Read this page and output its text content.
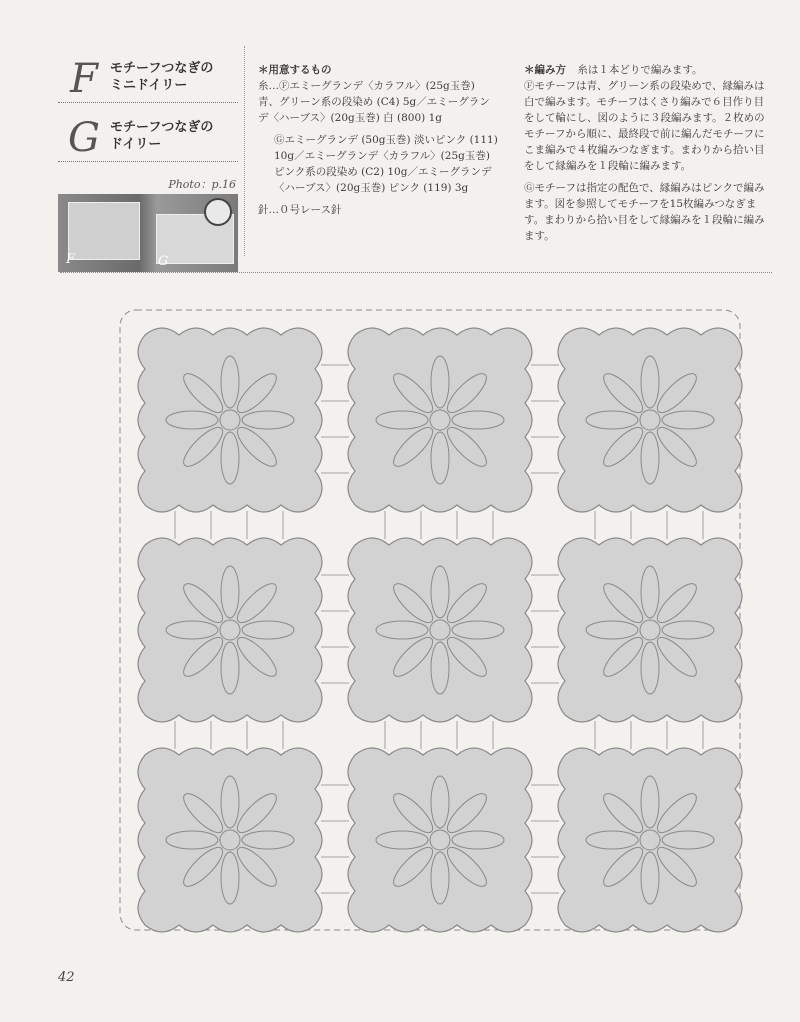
F モチーフつなぎの
ミニドイリー
G モチーフつなぎの
ドイリー
Photo：p.16
F	G
＊用意するもの
糸…Ⓕエミーグランデ〈カラフル〉(25g玉巻) 青、グリーン系の段染め (C4) 5g／エミーグランデ〈ハーブス〉(20g玉巻) 白 (800) 1g
Ⓖエミーグランデ (50g玉巻) 淡いピンク (111) 10g／エミーグランデ〈カラフル〉(25g玉巻) ピンク系の段染め (C2) 10g／エミーグランデ〈ハーブス〉(20g玉巻) ピンク (119) 3g
針…０号レース針
＊編み方 糸は１本どりで編みます。
Ⓕモチーフは青、グリーン系の段染めで、縁編みは白で編みます。モチーフはくさり編みで６目作り目をして輪にし、図のように３段編みます。２枚めのモチーフから順に、最終段で前に編んだモチーフにこま編みで４枚編みつなぎます。まわりから拾い目をして縁編みを１段輪に編みます。
Ⓖモチーフは指定の配色で、縁編みはピンクで編みます。図を参照してモチーフを15枚編みつなぎます。まわりから拾い目をして縁編みを１段輪に編みます。
42
